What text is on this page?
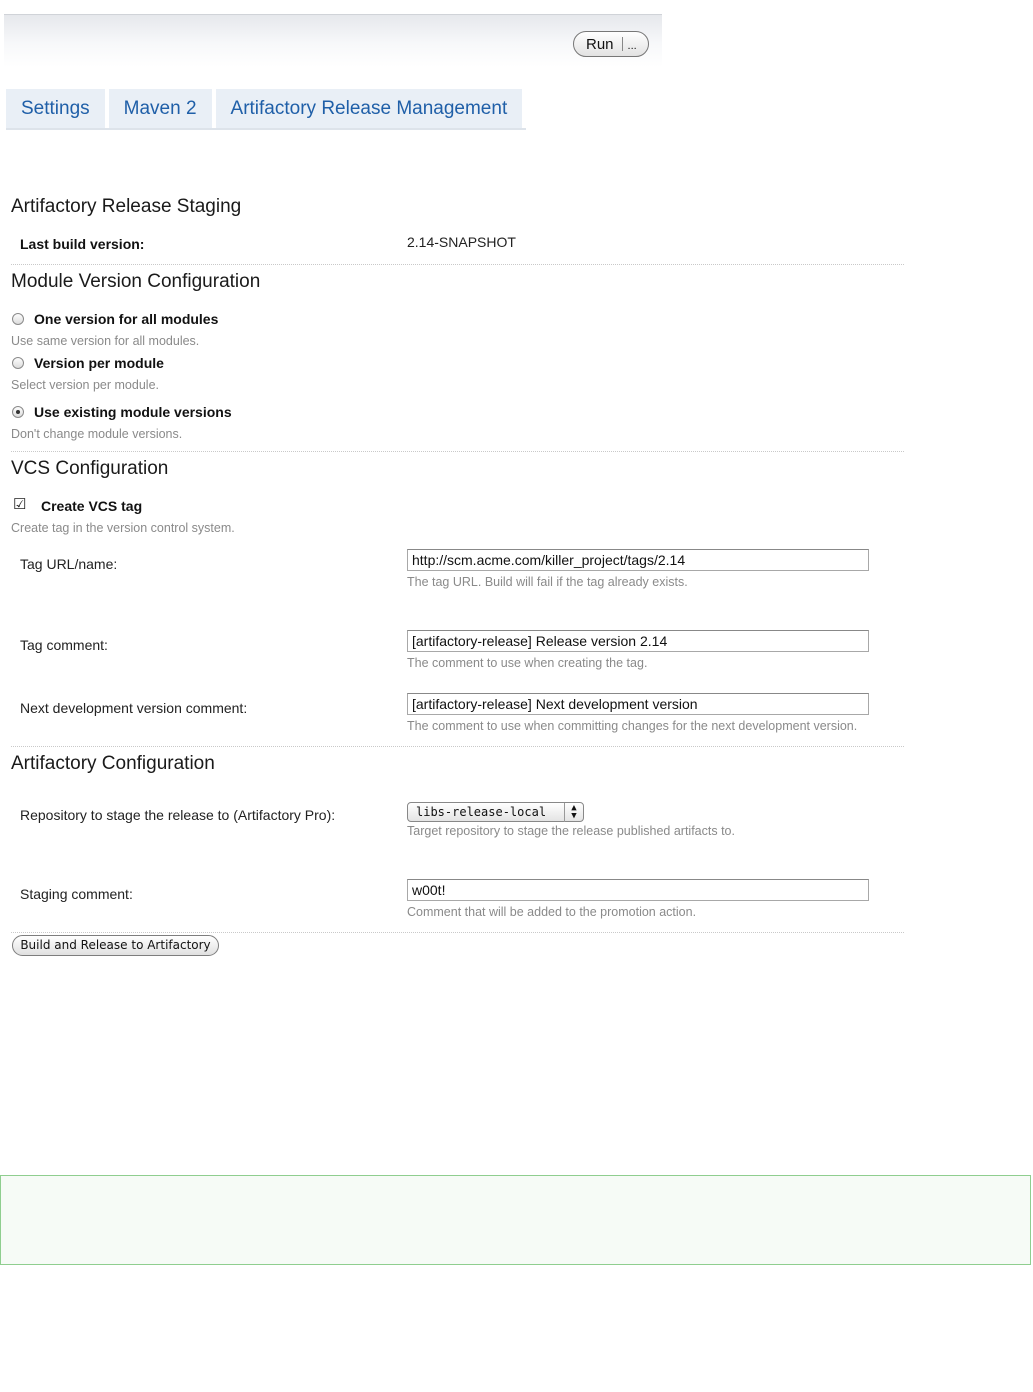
Run ...
Settings	Maven 2	Artifactory Release Management
Artifactory Release Staging
Last build version:	2.14-SNAPSHOT
Module Version Configuration
One version for all modules
Use same version for all modules.
Version per module
Select version per module.
Use existing module versions
Don't change module versions.
VCS Configuration
☑ Create VCS tag
Create tag in the version control system.
Tag URL/name:
http://scm.acme.com/killer_project/tags/2.14
The tag URL. Build will fail if the tag already exists.
Tag comment:
[artifactory-release] Release version 2.14
The comment to use when creating the tag.
Next development version comment:
[artifactory-release] Next development version
The comment to use when committing changes for the next development version.
Artifactory Configuration
Repository to stage the release to (Artifactory Pro):	libs-release-local	▲
▼
Target repository to stage the release published artifacts to.
Staging comment:
w00t!
Comment that will be added to the promotion action.
Build and Release to Artifactory
